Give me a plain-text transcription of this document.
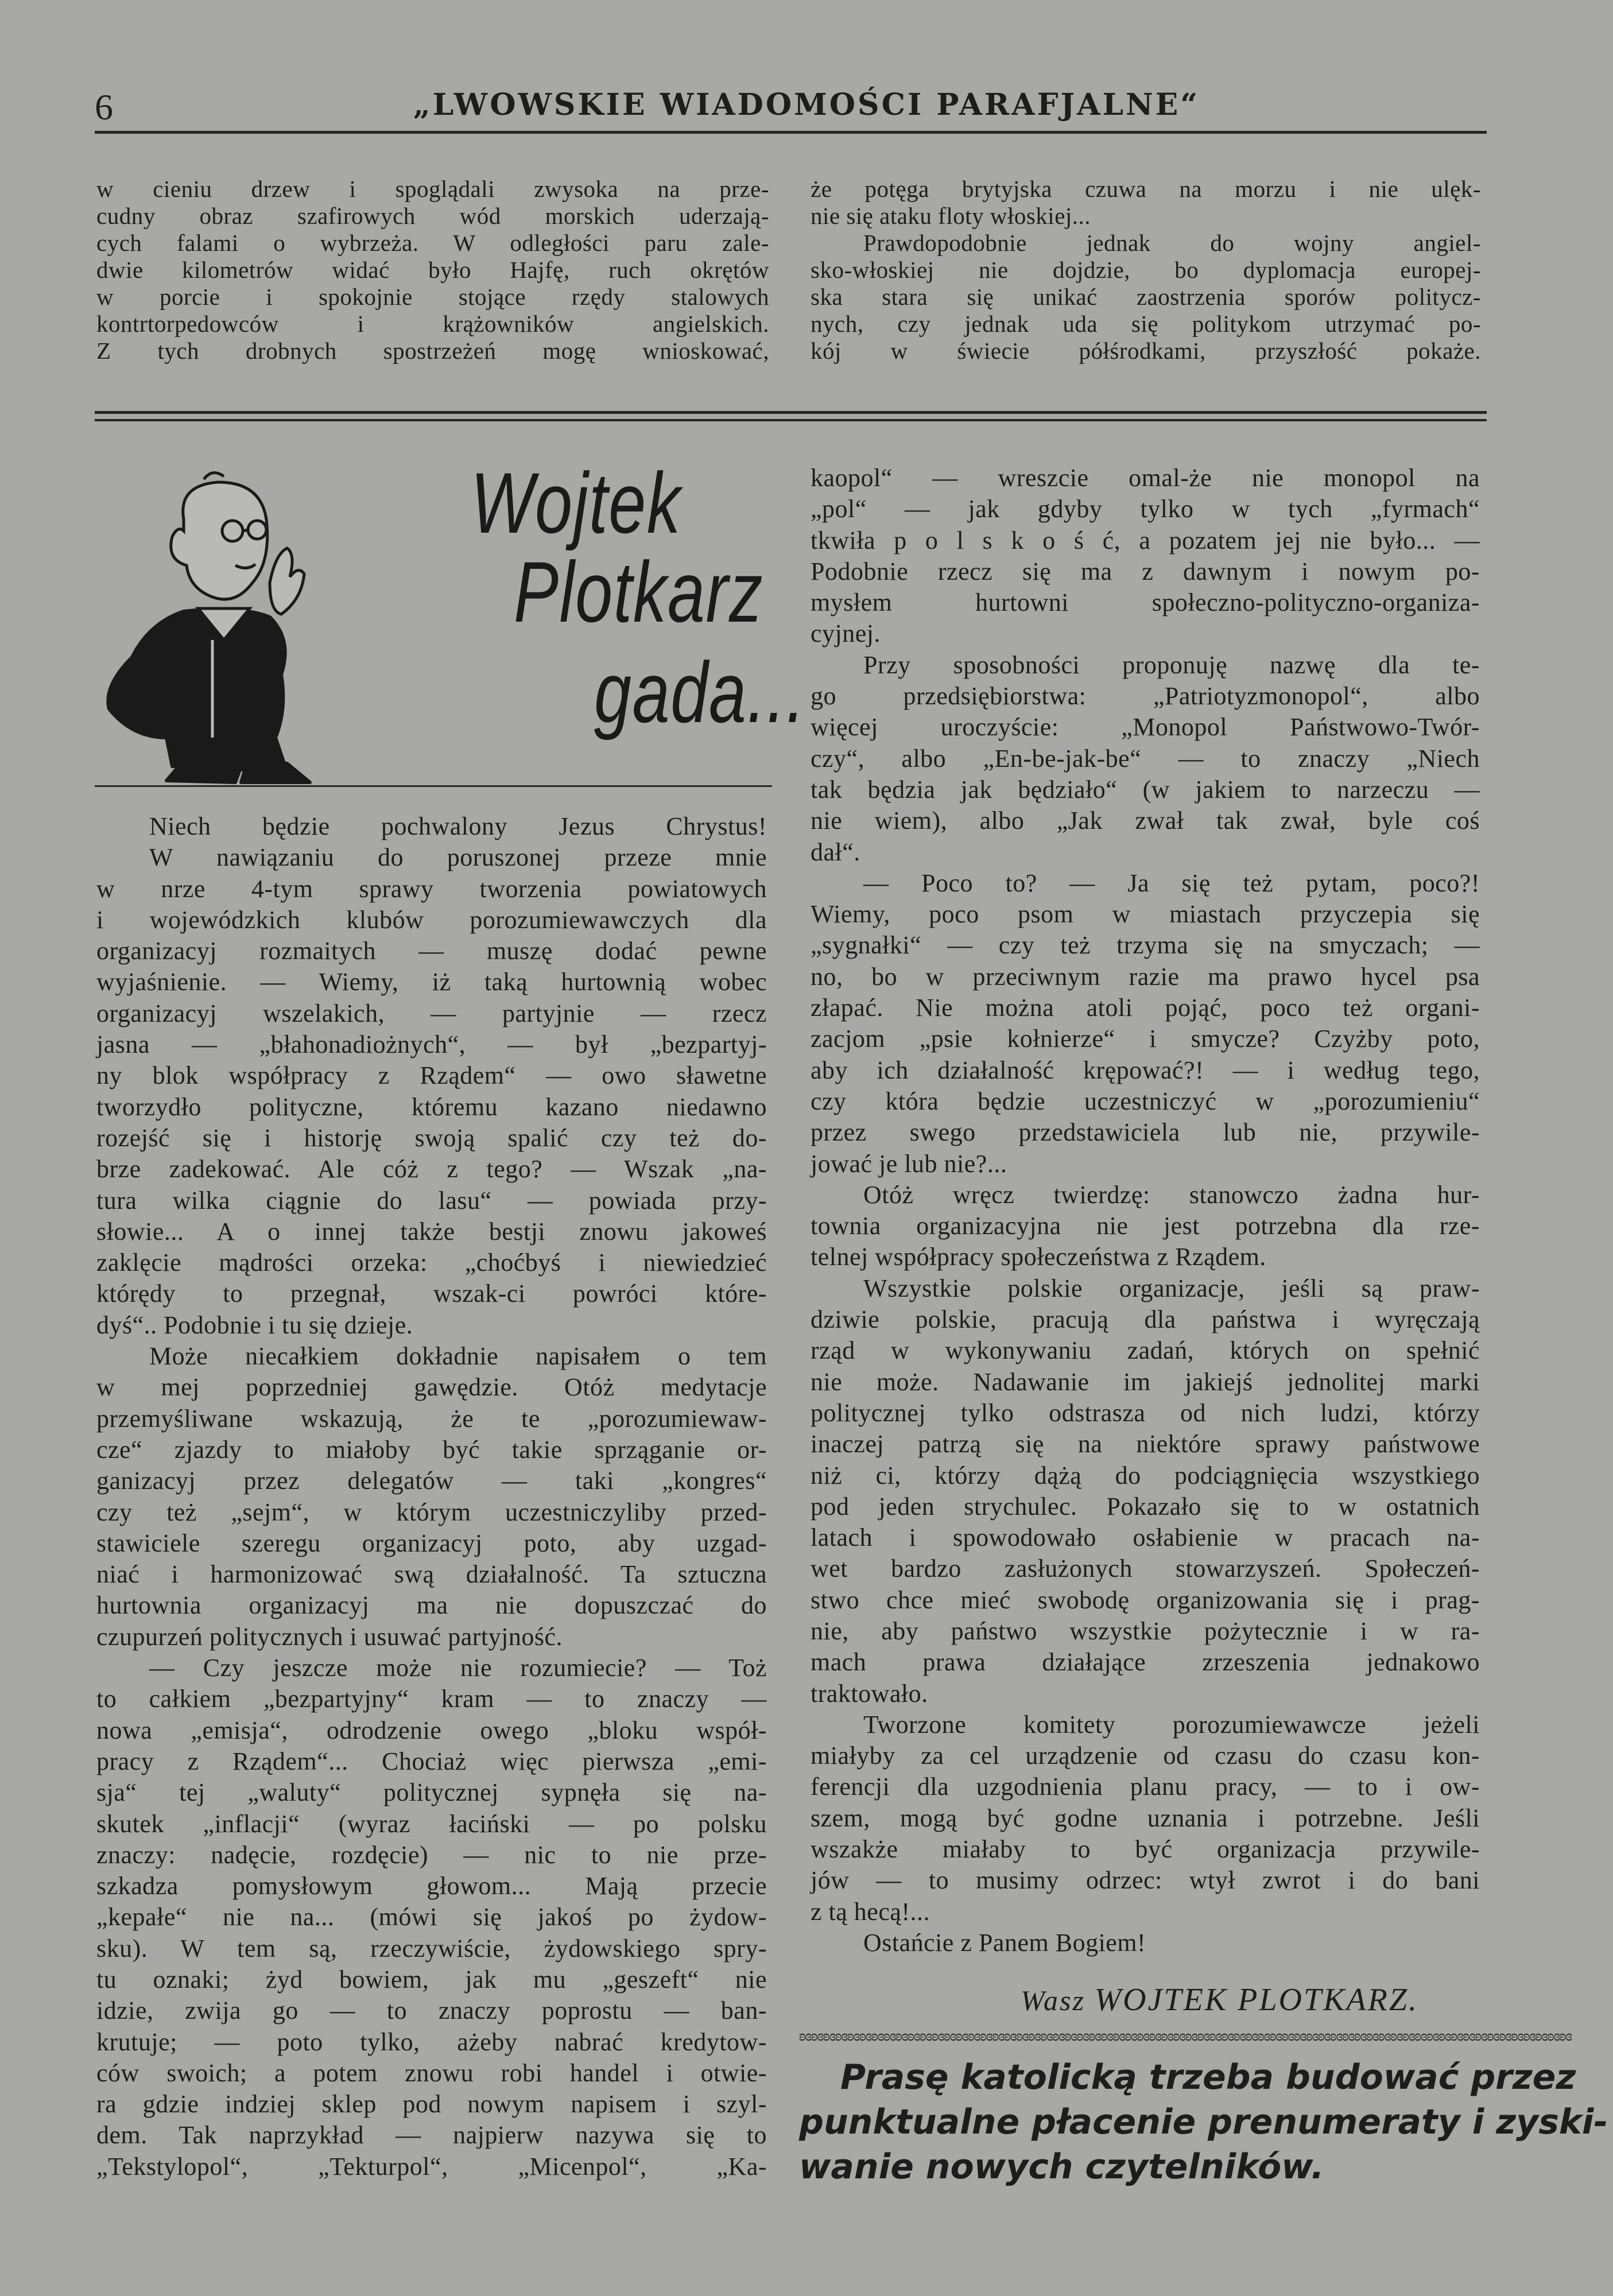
6	„LWOWSKIE WIADOMOŚCI PARAFJALNE“
w cieniu drzew i spoglądali zwysoka na prze-
cudny obraz szafirowych wód morskich uderzają-
cych falami o wybrzeża. W odległości paru zale-
dwie kilometrów widać było Hajfę, ruch okrętów
w porcie i spokojnie stojące rzędy stalowych
kontrtorpedowców i krążowników angielskich.
Z tych drobnych spostrzeżeń mogę wnioskować,
że potęga brytyjska czuwa na morzu i nie ulęk-
nie się ataku floty włoskiej...
Prawdopodobnie jednak do wojny angiel-
sko-włoskiej nie dojdzie, bo dyplomacja europej-
ska stara się unikać zaostrzenia sporów politycz-
nych, czy jednak uda się politykom utrzymać po-
kój w świecie półśrodkami, przyszłość pokaże.
Wojtek
Plotkarz
gada...
Niech będzie pochwalony Jezus Chrystus!
W nawiązaniu do poruszonej przeze mnie
w nrze 4-tym sprawy tworzenia powiatowych
i wojewódzkich klubów porozumiewawczych dla
organizacyj rozmaitych — muszę dodać pewne
wyjaśnienie. — Wiemy, iż taką hurtownią wobec
organizacyj wszelakich, — partyjnie — rzecz
jasna — „błahonadiożnych“, — był „bezpartyj-
ny blok współpracy z Rządem“ — owo sławetne
tworzydło polityczne, któremu kazano niedawno
rozejść się i historję swoją spalić czy też do-
brze zadekować. Ale cóż z tego? — Wszak „na-
tura wilka ciągnie do lasu“ — powiada przy-
słowie... A o innej także bestji znowu jakoweś
zaklęcie mądrości orzeka: „choćbyś i niewiedzieć
którędy to przegnał, wszak-ci powróci które-
dyś“.. Podobnie i tu się dzieje.
Może niecałkiem dokładnie napisałem o tem
w mej poprzedniej gawędzie. Otóż medytacje
przemyśliwane wskazują, że te „porozumiewaw-
cze“ zjazdy to miałoby być takie sprząganie or-
ganizacyj przez delegatów — taki „kongres“
czy też „sejm“, w którym uczestniczyliby przed-
stawiciele szeregu organizacyj poto, aby uzgad-
niać i harmonizować swą działalność. Ta sztuczna
hurtownia organizacyj ma nie dopuszczać do
czupurzeń politycznych i usuwać partyjność.
— Czy jeszcze może nie rozumiecie? — Toż
to całkiem „bezpartyjny“ kram — to znaczy —
nowa „emisja“, odrodzenie owego „bloku współ-
pracy z Rządem“... Chociaż więc pierwsza „emi-
sja“ tej „waluty“ politycznej sypnęła się na-
skutek „inflacji“ (wyraz łaciński — po polsku
znaczy: nadęcie, rozdęcie) — nic to nie prze-
szkadza pomysłowym głowom... Mają przecie
„kepałe“ nie na... (mówi się jakoś po żydow-
sku). W tem są, rzeczywiście, żydowskiego spry-
tu oznaki; żyd bowiem, jak mu „geszeft“ nie
idzie, zwija go — to znaczy poprostu — ban-
krutuje; — poto tylko, ażeby nabrać kredytow-
ców swoich; a potem znowu robi handel i otwie-
ra gdzie indziej sklep pod nowym napisem i szyl-
dem. Tak naprzykład — najpierw nazywa się to
„Tekstylopol“, „Tekturpol“, „Micenpol“, „Ka-
kaopol“ — wreszcie omal-że nie monopol na
„pol“ — jak gdyby tylko w tych „fyrmach“
tkwiła p o l s k o ś ć, a pozatem jej nie było... —
Podobnie rzecz się ma z dawnym i nowym po-
mysłem hurtowni społeczno-polityczno-organiza-
cyjnej.
Przy sposobności proponuję nazwę dla te-
go przedsiębiorstwa: „Patriotyzmonopol“, albo
więcej uroczyście: „Monopol Państwowo-Twór-
czy“, albo „En-be-jak-be“ — to znaczy „Niech
tak będzia jak będziało“ (w jakiem to narzeczu —
nie wiem), albo „Jak zwał tak zwał, byle coś
dał“.
— Poco to? — Ja się też pytam, poco?!
Wiemy, poco psom w miastach przyczepia się
„sygnałki“ — czy też trzyma się na smyczach; —
no, bo w przeciwnym razie ma prawo hycel psa
złapać. Nie można atoli pojąć, poco też organi-
zacjom „psie kołnierze“ i smycze? Czyżby poto,
aby ich działalność krępować?! — i według tego,
czy która będzie uczestniczyć w „porozumieniu“
przez swego przedstawiciela lub nie, przywile-
jować je lub nie?...
Otóż wręcz twierdzę: stanowczo żadna hur-
townia organizacyjna nie jest potrzebna dla rze-
telnej współpracy społeczeństwa z Rządem.
Wszystkie polskie organizacje, jeśli są praw-
dziwie polskie, pracują dla państwa i wyręczają
rząd w wykonywaniu zadań, których on spełnić
nie może. Nadawanie im jakiejś jednolitej marki
politycznej tylko odstrasza od nich ludzi, którzy
inaczej patrzą się na niektóre sprawy państwowe
niż ci, którzy dążą do podciągnięcia wszystkiego
pod jeden strychulec. Pokazało się to w ostatnich
latach i spowodowało osłabienie w pracach na-
wet bardzo zasłużonych stowarzyszeń. Społeczeń-
stwo chce mieć swobodę organizowania się i prag-
nie, aby państwo wszystkie pożytecznie i w ra-
mach prawa działające zrzeszenia jednakowo
traktowało.
Tworzone komitety porozumiewawcze jeżeli
miałyby za cel urządzenie od czasu do czasu kon-
ferencji dla uzgodnienia planu pracy, — to i ow-
szem, mogą być godne uznania i potrzebne. Jeśli
wszakże miałaby to być organizacja przywile-
jów — to musimy odrzec: wtył zwrot i do bani
z tą hecą!...
Ostańcie z Panem Bogiem!
Wasz WOJTEK PLOTKARZ.
ʚɞʚɞʚɞʚɞʚɞʚɞʚɞʚɞʚɞʚɞʚɞʚɞʚɞʚɞʚɞʚɞʚɞʚɞʚɞʚɞʚɞʚɞʚɞʚɞʚɞʚɞʚɞʚɞʚɞʚɞʚɞʚɞʚɞʚɞʚɞʚɞʚɞʚɞʚɞʚɞʚɞʚɞʚɞʚɞʚɞʚɞʚɞʚɞʚɞʚɞʚɞʚɞʚɞʚɞʚɞʚɞʚɞʚɞʚɞʚɞʚɞʚɞʚɞʚɞ
Prasę katolicką trzeba budować przez
punktualne płacenie prenumeraty i zyski-
wanie nowych czytelników.
